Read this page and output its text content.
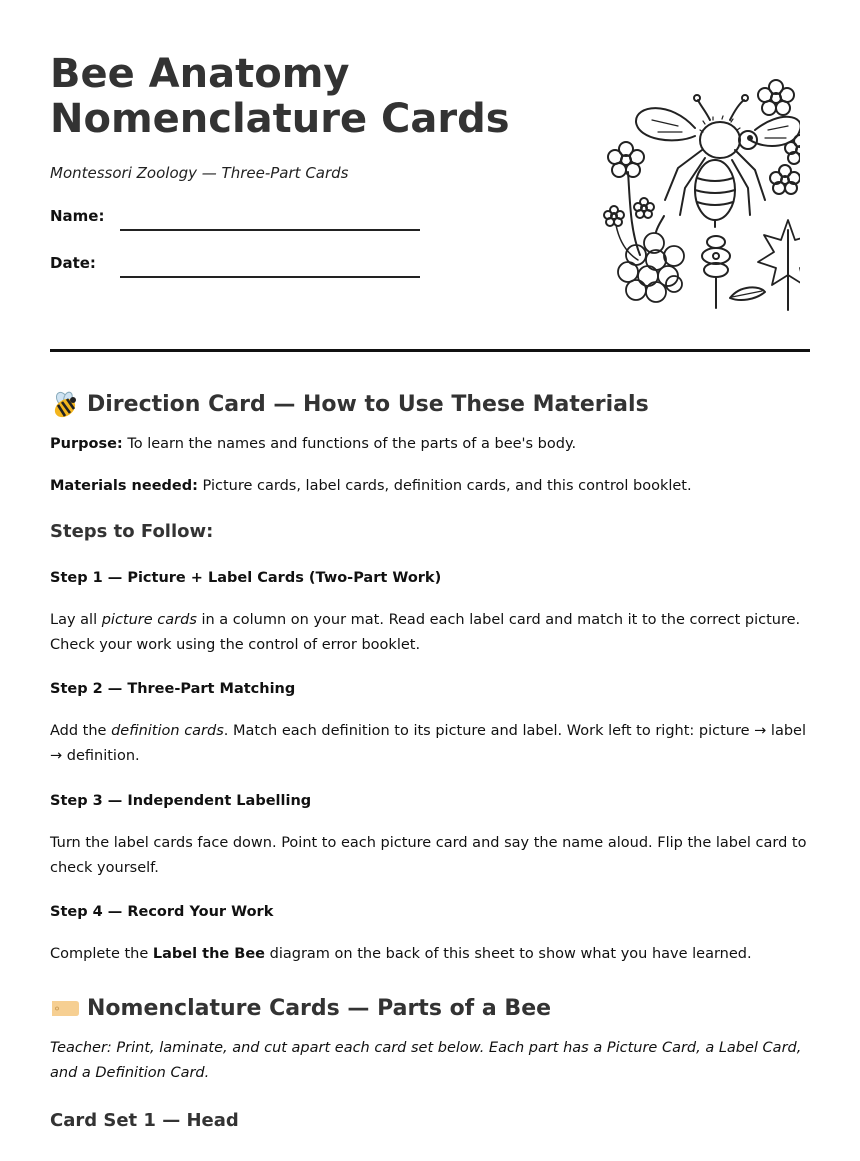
Bee Anatomy
Nomenclature Cards

Montessori Zoology — Three-Part Cards

Name:
Date:
Direction Card — How to Use These Materials

Purpose: To learn the names and functions of the parts of a bee's body.

Materials needed: Picture cards, label cards, definition cards, and this control booklet.

Steps to Follow:
Step 1 — Picture + Label Cards (Two-Part Work)

Lay all picture cards in a column on your mat. Read each label card and match it to the correct picture. Check your work using the control of error booklet.

Step 2 — Three-Part Matching

Add the definition cards. Match each definition to its picture and label. Work left to right: picture → label → definition.

Step 3 — Independent Labelling

Turn the label cards face down. Point to each picture card and say the name aloud. Flip the label card to check yourself.

Step 4 — Record Your Work

Complete the Label the Bee diagram on the back of this sheet to show what you have learned.

Nomenclature Cards — Parts of a Bee

Teacher: Print, laminate, and cut apart each card set below. Each part has a Picture Card, a Label Card, and a Definition Card.

Card Set 1 — Head
